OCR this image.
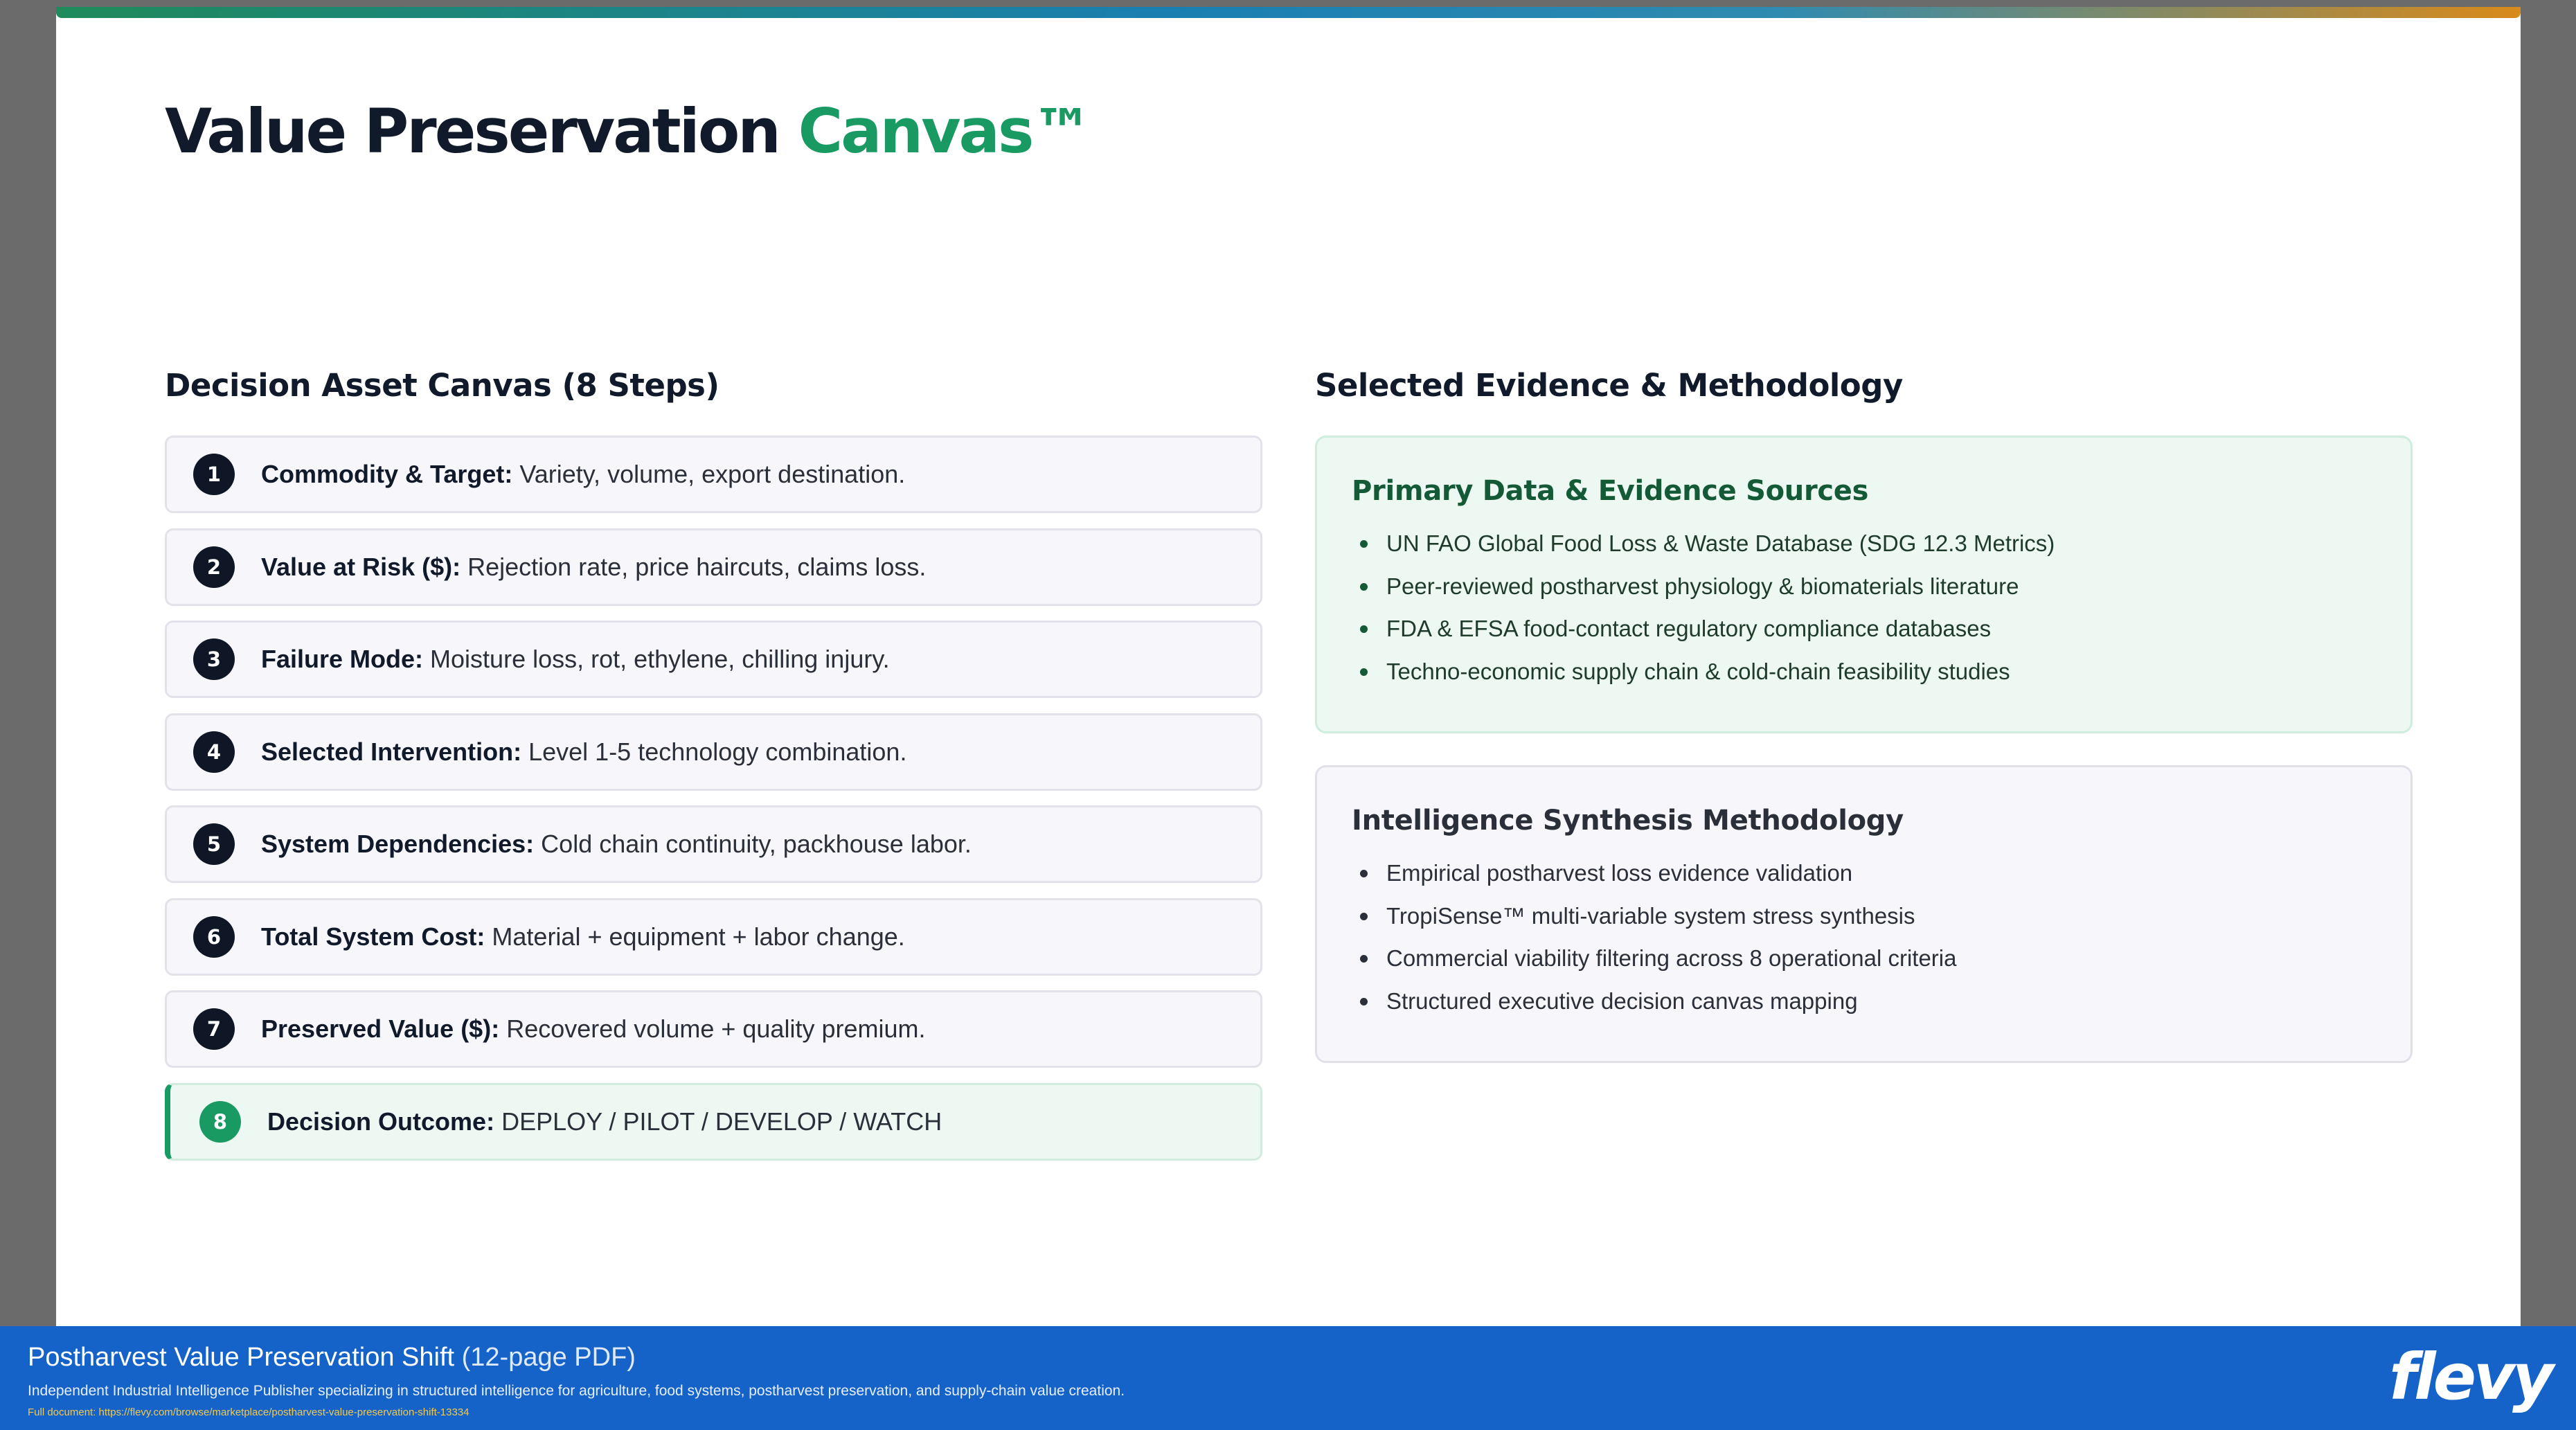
Value Preservation Canvas™
Decision Asset Canvas (8 Steps)	Selected Evidence & Methodology
1	Commodity & Target: Variety, volume, export destination.
2	Value at Risk ($): Rejection rate, price haircuts, claims loss.
3	Failure Mode: Moisture loss, rot, ethylene, chilling injury.
4	Selected Intervention: Level 1-5 technology combination.
5	System Dependencies: Cold chain continuity, packhouse labor.
6	Total System Cost: Material + equipment + labor change.
7	Preserved Value ($): Recovered volume + quality premium.
8	Decision Outcome: DEPLOY / PILOT / DEVELOP / WATCH
Primary Data & Evidence Sources
UN FAO Global Food Loss & Waste Database (SDG 12.3 Metrics)
Peer-reviewed postharvest physiology & biomaterials literature
FDA & EFSA food-contact regulatory compliance databases
Techno-economic supply chain & cold-chain feasibility studies
Intelligence Synthesis Methodology
Empirical postharvest loss evidence validation
TropiSense™ multi-variable system stress synthesis
Commercial viability filtering across 8 operational criteria
Structured executive decision canvas mapping
Postharvest Value Preservation Shift (12-page PDF)
Independent Industrial Intelligence Publisher specializing in structured intelligence for agriculture, food systems, postharvest preservation, and supply-chain value creation.
Full document: https://flevy.com/browse/marketplace/postharvest-value-preservation-shift-13334	flevy
